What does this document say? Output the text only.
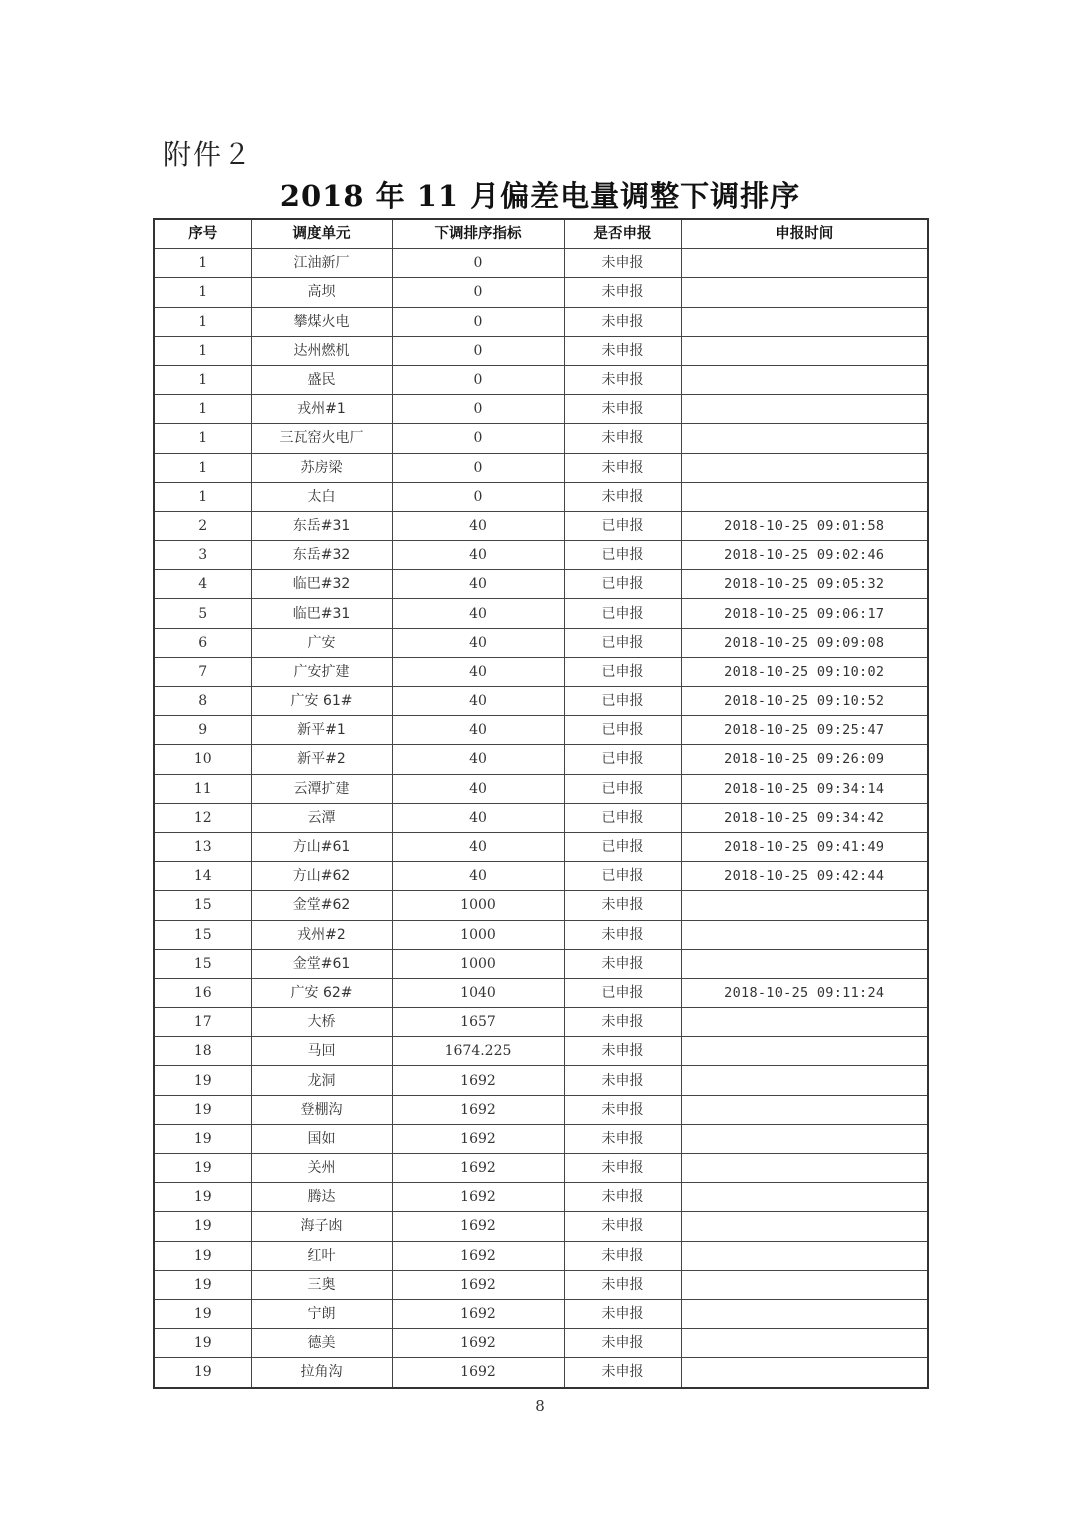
附件２
2018 年 11 月偏差电量调整下调排序
序号	调度单元	下调排序指标	是否申报	申报时间
1	江油新厂	0	未申报	
1	高坝	0	未申报	
1	攀煤火电	0	未申报	
1	达州燃机	0	未申报	
1	盛民	0	未申报	
1	戎州#1	0	未申报	
1	三瓦窑火电厂	0	未申报	
1	苏房梁	0	未申报	
1	太白	0	未申报	
2	东岳#31	40	已申报	2018-10-25 09:01:58
3	东岳#32	40	已申报	2018-10-25 09:02:46
4	临巴#32	40	已申报	2018-10-25 09:05:32
5	临巴#31	40	已申报	2018-10-25 09:06:17
6	广安	40	已申报	2018-10-25 09:09:08
7	广安扩建	40	已申报	2018-10-25 09:10:02
8	广安 61#	40	已申报	2018-10-25 09:10:52
9	新平#1	40	已申报	2018-10-25 09:25:47
10	新平#2	40	已申报	2018-10-25 09:26:09
11	云潭扩建	40	已申报	2018-10-25 09:34:14
12	云潭	40	已申报	2018-10-25 09:34:42
13	方山#61	40	已申报	2018-10-25 09:41:49
14	方山#62	40	已申报	2018-10-25 09:42:44
15	金堂#62	1000	未申报	
15	戎州#2	1000	未申报	
15	金堂#61	1000	未申报	
16	广安 62#	1040	已申报	2018-10-25 09:11:24
17	大桥	1657	未申报	
18	马回	1674.225	未申报	
19	龙洞	1692	未申报	
19	登棚沟	1692	未申报	
19	国如	1692	未申报	
19	关州	1692	未申报	
19	腾达	1692	未申报	
19	海子凼	1692	未申报	
19	红叶	1692	未申报	
19	三奥	1692	未申报	
19	宁朗	1692	未申报	
19	德美	1692	未申报	
19	拉角沟	1692	未申报	
8
